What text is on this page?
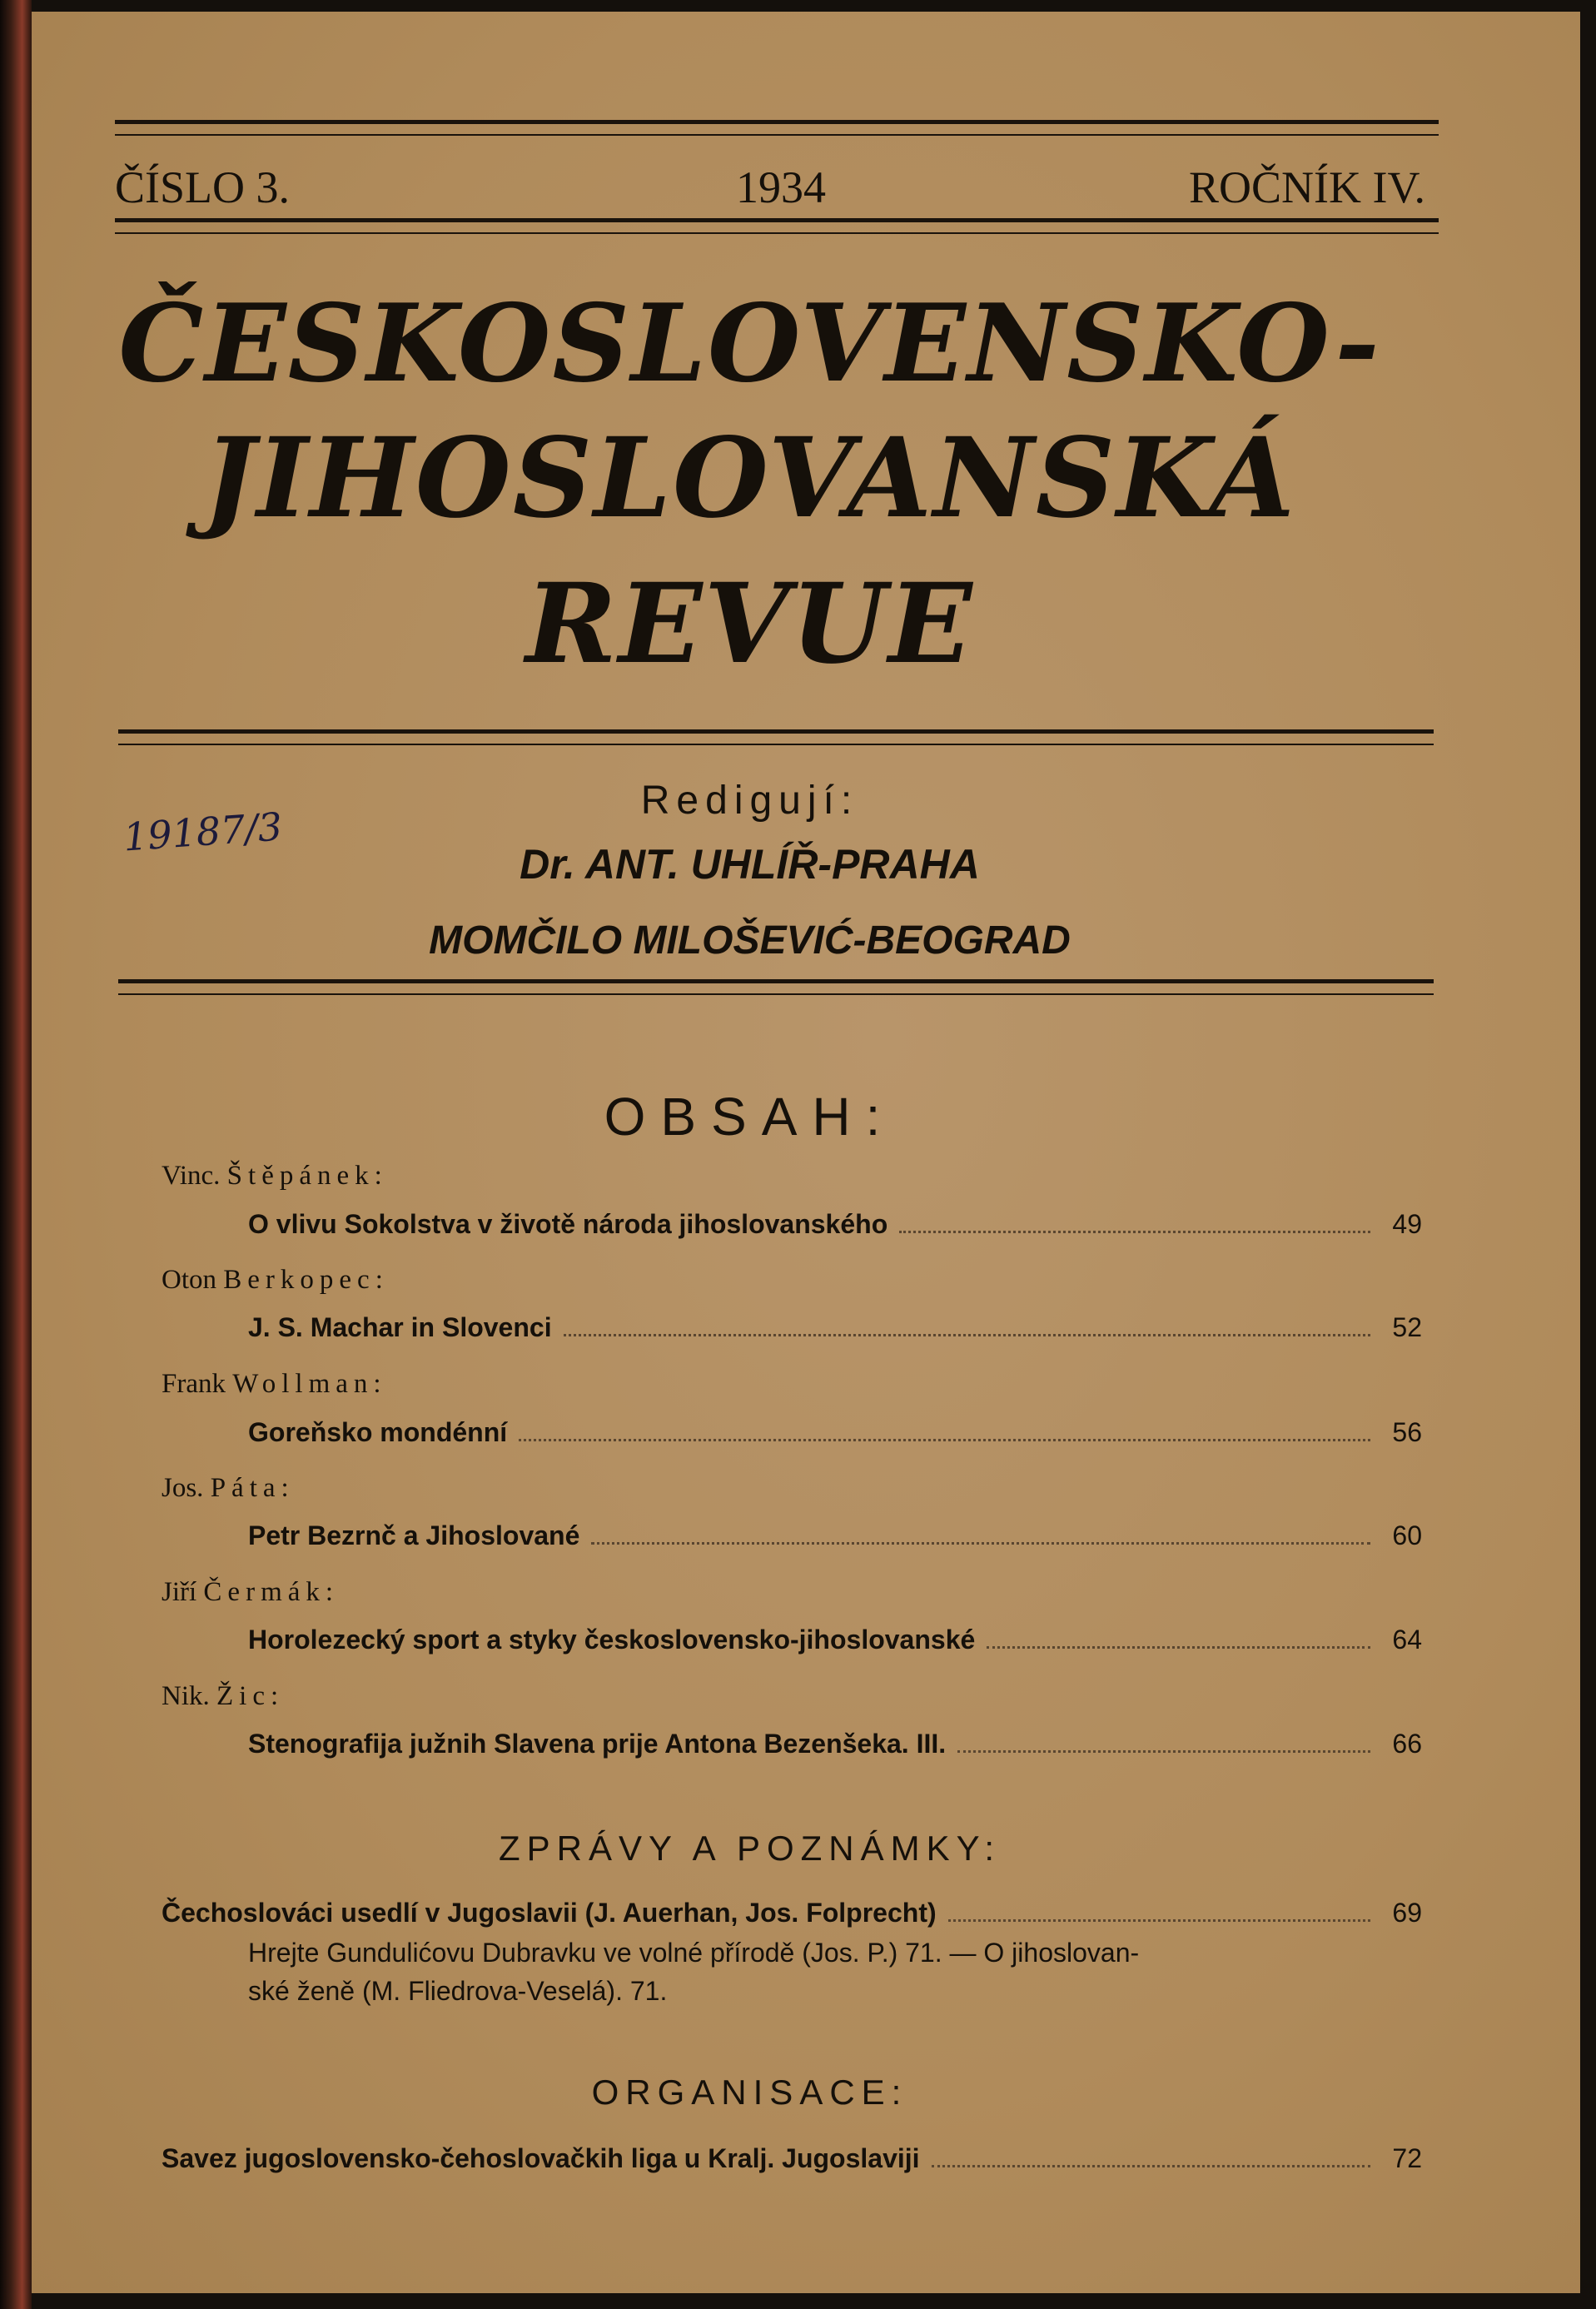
ČÍSLO 3.	1934	ROČNÍK IV.
ČESKOSLOVENSKO-
JIHOSLOVANSKÁ
REVUE
19187/3
Redigují:
Dr. ANT. UHLÍŘ-PRAHA
MOMČILO MILOŠEVIĆ-BEOGRAD
OBSAH:
Vinc. Štěpánek:
O vlivu Sokolstva v životě národa jihoslovanského	49
Oton Berkopec:
J. S. Machar in Slovenci	52
Frank Wollman:
Goreňsko mondénní	56
Jos. Páta:
Petr Bezrnč a Jihoslované	60
Jiří Čermák:
Horolezecký sport a styky československo-jihoslovanské	64
Nik. Žic:
Stenografija južnih Slavena prije Antona Bezenšeka. III.	66
ZPRÁVY A POZNÁMKY:
Čechoslováci usedlí v Jugoslavii (J. Auerhan, Jos. Folprecht)	69
Hrejte Gundulićovu Dubravku ve volné přírodě (Jos. P.) 71. — O jihoslovan-
ské ženě (M. Fliedrova-Veselá). 71.
ORGANISACE:
Savez jugoslovensko-čehoslovačkih liga u Kralj. Jugoslaviji	72
